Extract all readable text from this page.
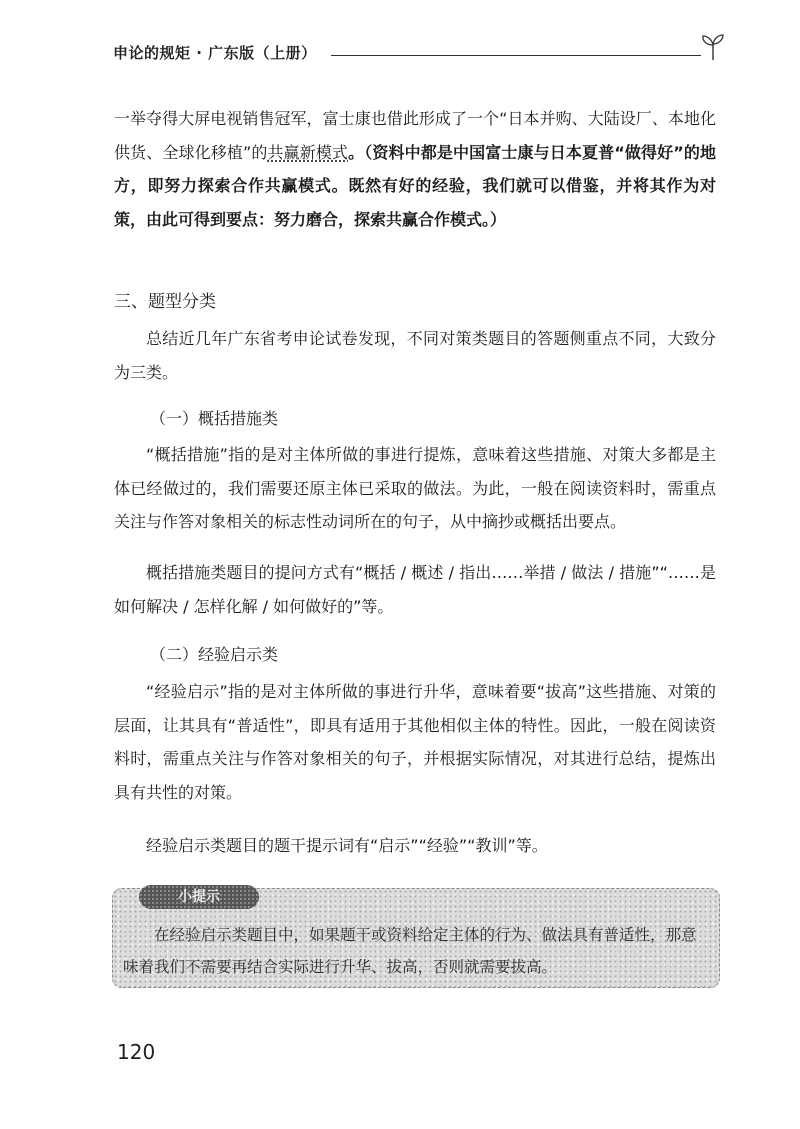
申论的规矩 · 广东版（上册）

一举夺得大屏电视销售冠军，富士康也借此形成了一个“日本并购、大陆设厂、本地化供货、全球化移植”的共赢新模式。（资料中都是中国富士康与日本夏普“做得好”的地方，即努力探索合作共赢模式。既然有好的经验，我们就可以借鉴，并将其作为对策，由此可得到要点：努力磨合，探索共赢合作模式。）

三、题型分类

总结近几年广东省考申论试卷发现，不同对策类题目的答题侧重点不同，大致分为三类。

（一）概括措施类

“概括措施”指的是对主体所做的事进行提炼，意味着这些措施、对策大多都是主体已经做过的，我们需要还原主体已采取的做法。为此，一般在阅读资料时，需重点关注与作答对象相关的标志性动词所在的句子，从中摘抄或概括出要点。

概括措施类题目的提问方式有“概括 / 概述 / 指出……举措 / 做法 / 措施”“……是如何解决 / 怎样化解 / 如何做好的”等。

（二）经验启示类

“经验启示”指的是对主体所做的事进行升华，意味着要“拔高”这些措施、对策的层面，让其具有“普适性”，即具有适用于其他相似主体的特性。因此，一般在阅读资料时，需重点关注与作答对象相关的句子，并根据实际情况，对其进行总结，提炼出具有共性的对策。

经验启示类题目的题干提示词有“启示”“经验”“教训”等。

小提示

在经验启示类题目中，如果题干或资料给定主体的行为、做法具有普适性，那意味着我们不需要再结合实际进行升华、拔高，否则就需要拔高。

120
